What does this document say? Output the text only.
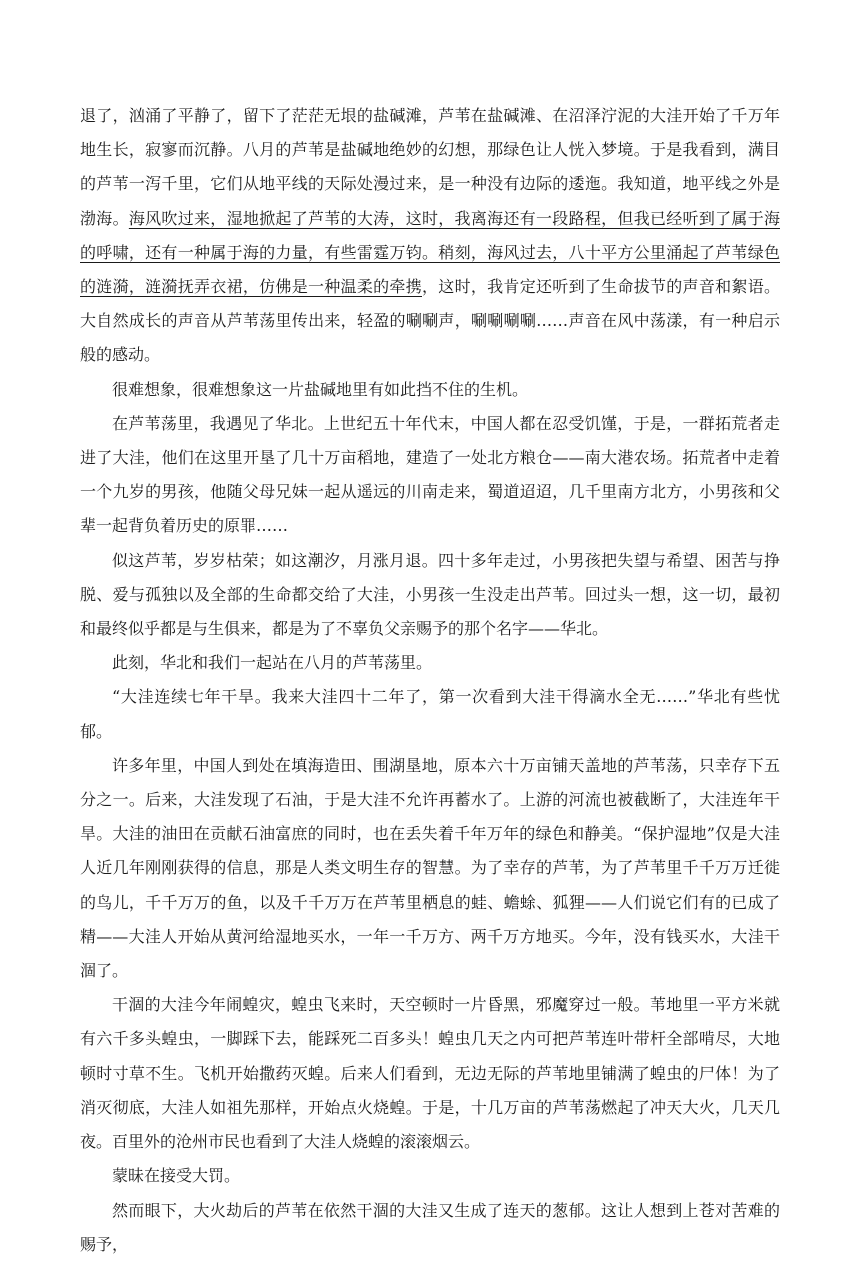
退了，汹涌了平静了，留下了茫茫无垠的盐碱滩，芦苇在盐碱滩、在沼泽泞泥的大洼开始了千万年地生长，寂寥而沉静。八月的芦苇是盐碱地绝妙的幻想，那绿色让人恍入梦境。于是我看到，满目的芦苇一泻千里，它们从地平线的天际处漫过来，是一种没有边际的逶迤。我知道，地平线之外是渤海。海风吹过来，湿地掀起了芦苇的大涛，这时，我离海还有一段路程，但我已经听到了属于海的呼啸，还有一种属于海的力量，有些雷霆万钧。稍刻，海风过去，八十平方公里涌起了芦苇绿色的涟漪，涟漪抚弄衣裙，仿佛是一种温柔的牵携，这时，我肯定还听到了生命拔节的声音和絮语。大自然成长的声音从芦苇荡里传出来，轻盈的唰唰声，唰唰唰唰……声音在风中荡漾，有一种启示般的感动。

很难想象，很难想象这一片盐碱地里有如此挡不住的生机。

在芦苇荡里，我遇见了华北。上世纪五十年代末，中国人都在忍受饥馑，于是，一群拓荒者走进了大洼，他们在这里开垦了几十万亩稻地，建造了一处北方粮仓——南大港农场。拓荒者中走着一个九岁的男孩，他随父母兄妹一起从遥远的川南走来，蜀道迢迢，几千里南方北方，小男孩和父辈一起背负着历史的原罪……

似这芦苇，岁岁枯荣；如这潮汐，月涨月退。四十多年走过，小男孩把失望与希望、困苦与挣脱、爱与孤独以及全部的生命都交给了大洼，小男孩一生没走出芦苇。回过头一想，这一切，最初和最终似乎都是与生俱来，都是为了不辜负父亲赐予的那个名字——华北。

此刻，华北和我们一起站在八月的芦苇荡里。

“大洼连续七年干旱。我来大洼四十二年了，第一次看到大洼干得滴水全无……”华北有些忧郁。

许多年里，中国人到处在填海造田、围湖垦地，原本六十万亩铺天盖地的芦苇荡，只幸存下五分之一。后来，大洼发现了石油，于是大洼不允许再蓄水了。上游的河流也被截断了，大洼连年干旱。大洼的油田在贡献石油富庶的同时，也在丢失着千年万年的绿色和静美。“保护湿地”仅是大洼人近几年刚刚获得的信息，那是人类文明生存的智慧。为了幸存的芦苇，为了芦苇里千千万万迁徙的鸟儿，千千万万的鱼，以及千千万万在芦苇里栖息的蛙、蟾蜍、狐狸——人们说它们有的已成了精——大洼人开始从黄河给湿地买水，一年一千万方、两千万方地买。今年，没有钱买水，大洼干涸了。

干涸的大洼今年闹蝗灾，蝗虫飞来时，天空顿时一片昏黑，邪魔穿过一般。苇地里一平方米就有六千多头蝗虫，一脚踩下去，能踩死二百多头！蝗虫几天之内可把芦苇连叶带杆全部啃尽，大地顿时寸草不生。飞机开始撒药灭蝗。后来人们看到，无边无际的芦苇地里铺满了蝗虫的尸体！为了消灭彻底，大洼人如祖先那样，开始点火烧蝗。于是，十几万亩的芦苇荡燃起了冲天大火，几天几夜。百里外的沧州市民也看到了大洼人烧蝗的滚滚烟云。

蒙昧在接受大罚。

然而眼下，大火劫后的芦苇在依然干涸的大洼又生成了连天的葱郁。这让人想到上苍对苦难的赐予，
